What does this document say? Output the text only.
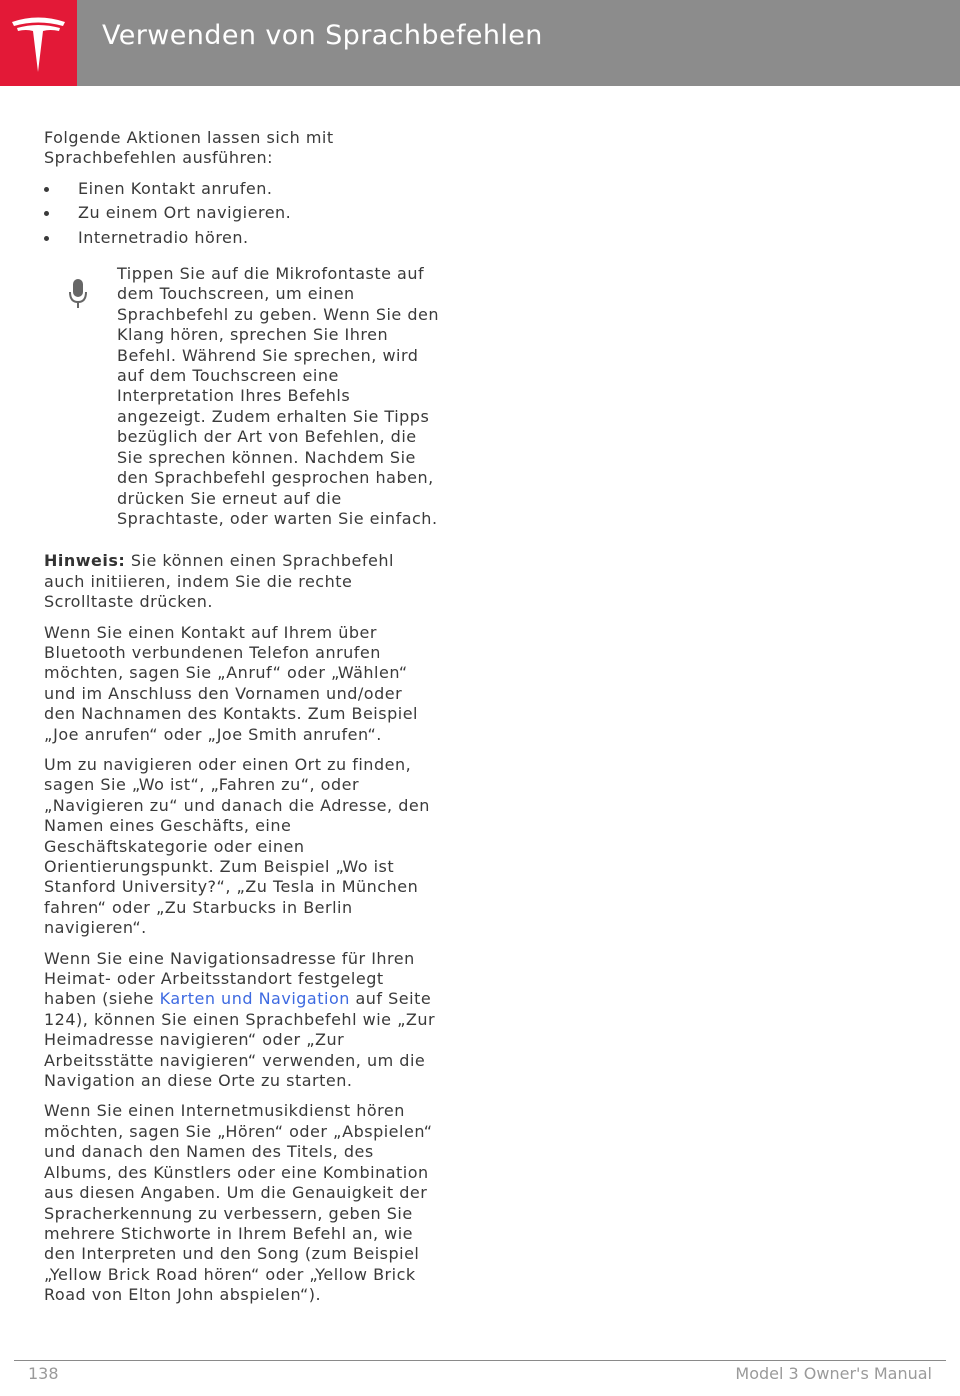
Verwenden von Sprachbefehlen

Folgende Aktionen lassen sich mit Sprachbefehlen ausführen:

Einen Kontakt anrufen.
Zu einem Ort navigieren.
Internetradio hören.
Tippen Sie auf die Mikrofontaste auf dem Touchscreen, um einen Sprachbefehl zu geben. Wenn Sie den Klang hören, sprechen Sie Ihren Befehl. Während Sie sprechen, wird auf dem Touchscreen eine Interpretation Ihres Befehls angezeigt. Zudem erhalten Sie Tipps bezüglich der Art von Befehlen, die Sie sprechen können. Nachdem Sie den Sprachbefehl gesprochen haben, drücken Sie erneut auf die Sprachtaste, oder warten Sie einfach.

Hinweis: Sie können einen Sprachbefehl auch initiieren, indem Sie die rechte Scrolltaste drücken.

Wenn Sie einen Kontakt auf Ihrem über Bluetooth verbundenen Telefon anrufen möchten, sagen Sie „Anruf“ oder „Wählen“ und im Anschluss den Vornamen und/oder den Nachnamen des Kontakts. Zum Beispiel „Joe anrufen“ oder „Joe Smith anrufen“.

Um zu navigieren oder einen Ort zu finden, sagen Sie „Wo ist“, „Fahren zu“, oder „Navigieren zu“ und danach die Adresse, den Namen eines Geschäfts, eine Geschäftskategorie oder einen Orientierungspunkt. Zum Beispiel „Wo ist Stanford University?“, „Zu Tesla in München fahren“ oder „Zu Starbucks in Berlin navigieren“.

Wenn Sie eine Navigationsadresse für Ihren Heimat- oder Arbeitsstandort festgelegt haben (siehe Karten und Navigation auf Seite 124), können Sie einen Sprachbefehl wie „Zur Heimadresse navigieren“ oder „Zur Arbeitsstätte navigieren“ verwenden, um die Navigation an diese Orte zu starten.

Wenn Sie einen Internetmusikdienst hören möchten, sagen Sie „Hören“ oder „Abspielen“ und danach den Namen des Titels, des Albums, des Künstlers oder eine Kombination aus diesen Angaben. Um die Genauigkeit der Spracherkennung zu verbessern, geben Sie mehrere Stichworte in Ihrem Befehl an, wie den Interpreten und den Song (zum Beispiel „Yellow Brick Road hören“ oder „Yellow Brick Road von Elton John abspielen“).

138	Model 3 Owner's Manual
